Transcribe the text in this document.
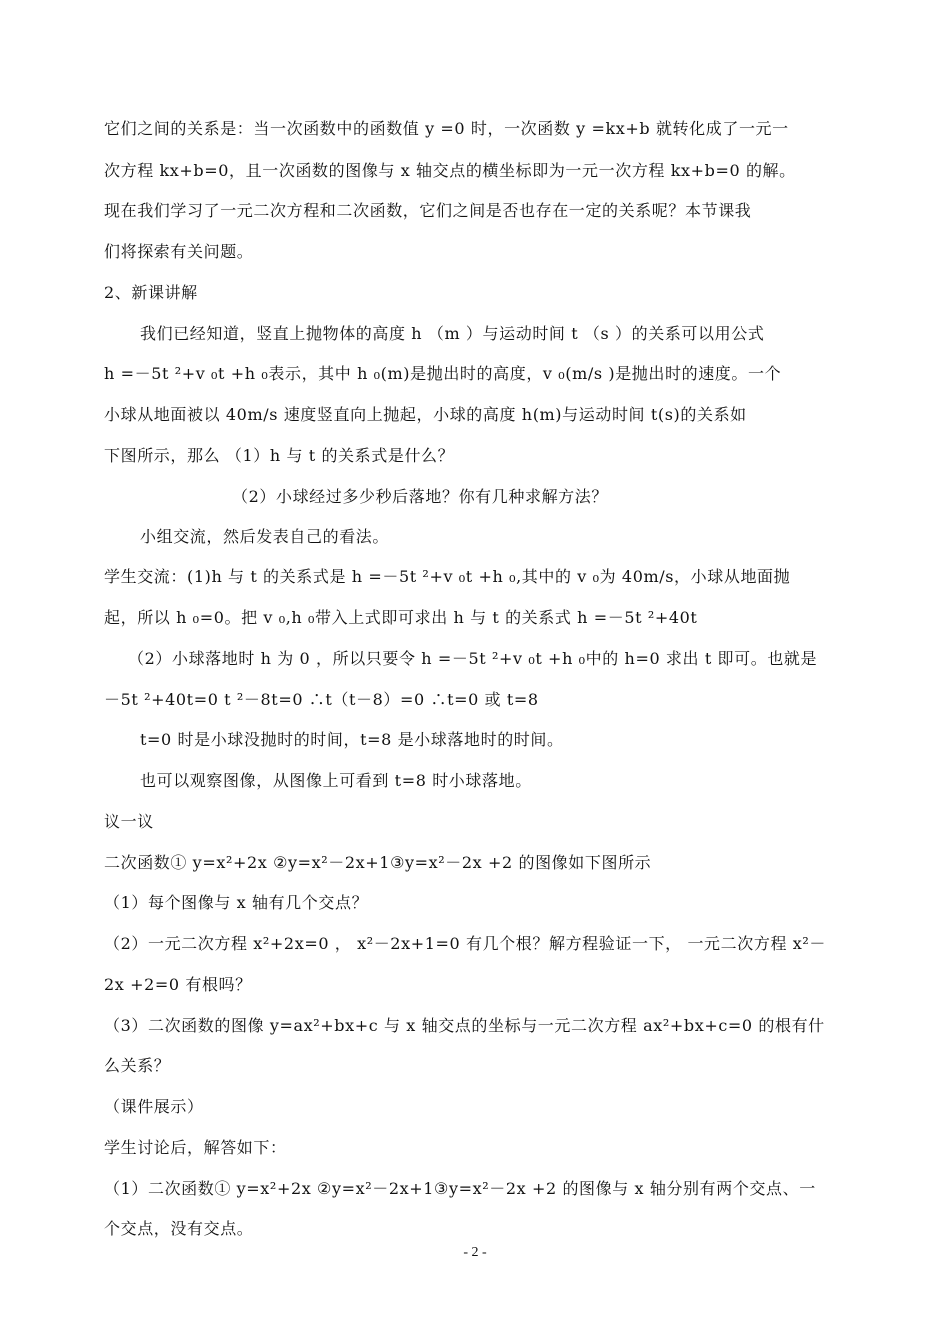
它们之间的关系是：当一次函数中的函数值 y =0 时，一次函数 y =kx+b 就转化成了一元一
次方程 kx+b=0，且一次函数的图像与 x 轴交点的横坐标即为一元一次方程 kx+b=0 的解。
现在我们学习了一元二次方程和二次函数，它们之间是否也存在一定的关系呢？本节课我
们将探索有关问题。
2、新课讲解
我们已经知道，竖直上抛物体的高度 h （m ）与运动时间 t （s ）的关系可以用公式
h =－5t ²+v ₀t +h ₀表示，其中 h ₀(m)是抛出时的高度，v ₀(m/s )是抛出时的速度。一个
小球从地面被以 40m/s 速度竖直向上抛起，小球的高度 h(m)与运动时间 t(s)的关系如
下图所示，那么 （1）h 与 t 的关系式是什么？
（2）小球经过多少秒后落地？你有几种求解方法？
小组交流，然后发表自己的看法。
学生交流：(1)h 与 t 的关系式是 h =－5t ²+v ₀t +h ₀,其中的 v ₀为 40m/s，小球从地面抛
起，所以 h ₀=0。把 v ₀,h ₀带入上式即可求出 h 与 t 的关系式 h =－5t ²+40t
（2）小球落地时 h 为 0 ，所以只要令 h =－5t ²+v ₀t +h ₀中的 h=0 求出 t 即可。也就是
－5t ²+40t=0 t ²－8t=0 ∴t（t－8）=0 ∴t=0 或 t=8
t=0 时是小球没抛时的时间，t=8 是小球落地时的时间。
也可以观察图像，从图像上可看到 t=8 时小球落地。
议一议
二次函数① y=x²+2x ②y=x²－2x+1③y=x²－2x +2 的图像如下图所示
（1）每个图像与 x 轴有几个交点？
（2）一元二次方程 x²+2x=0 ， x²－2x+1=0 有几个根？解方程验证一下， 一元二次方程 x²－
2x +2=0 有根吗？
（3）二次函数的图像 y=ax²+bx+c 与 x 轴交点的坐标与一元二次方程 ax²+bx+c=0 的根有什
么关系？
（课件展示）
学生讨论后，解答如下：
（1）二次函数① y=x²+2x ②y=x²－2x+1③y=x²－2x +2 的图像与 x 轴分别有两个交点、一
个交点，没有交点。
- 2 -
